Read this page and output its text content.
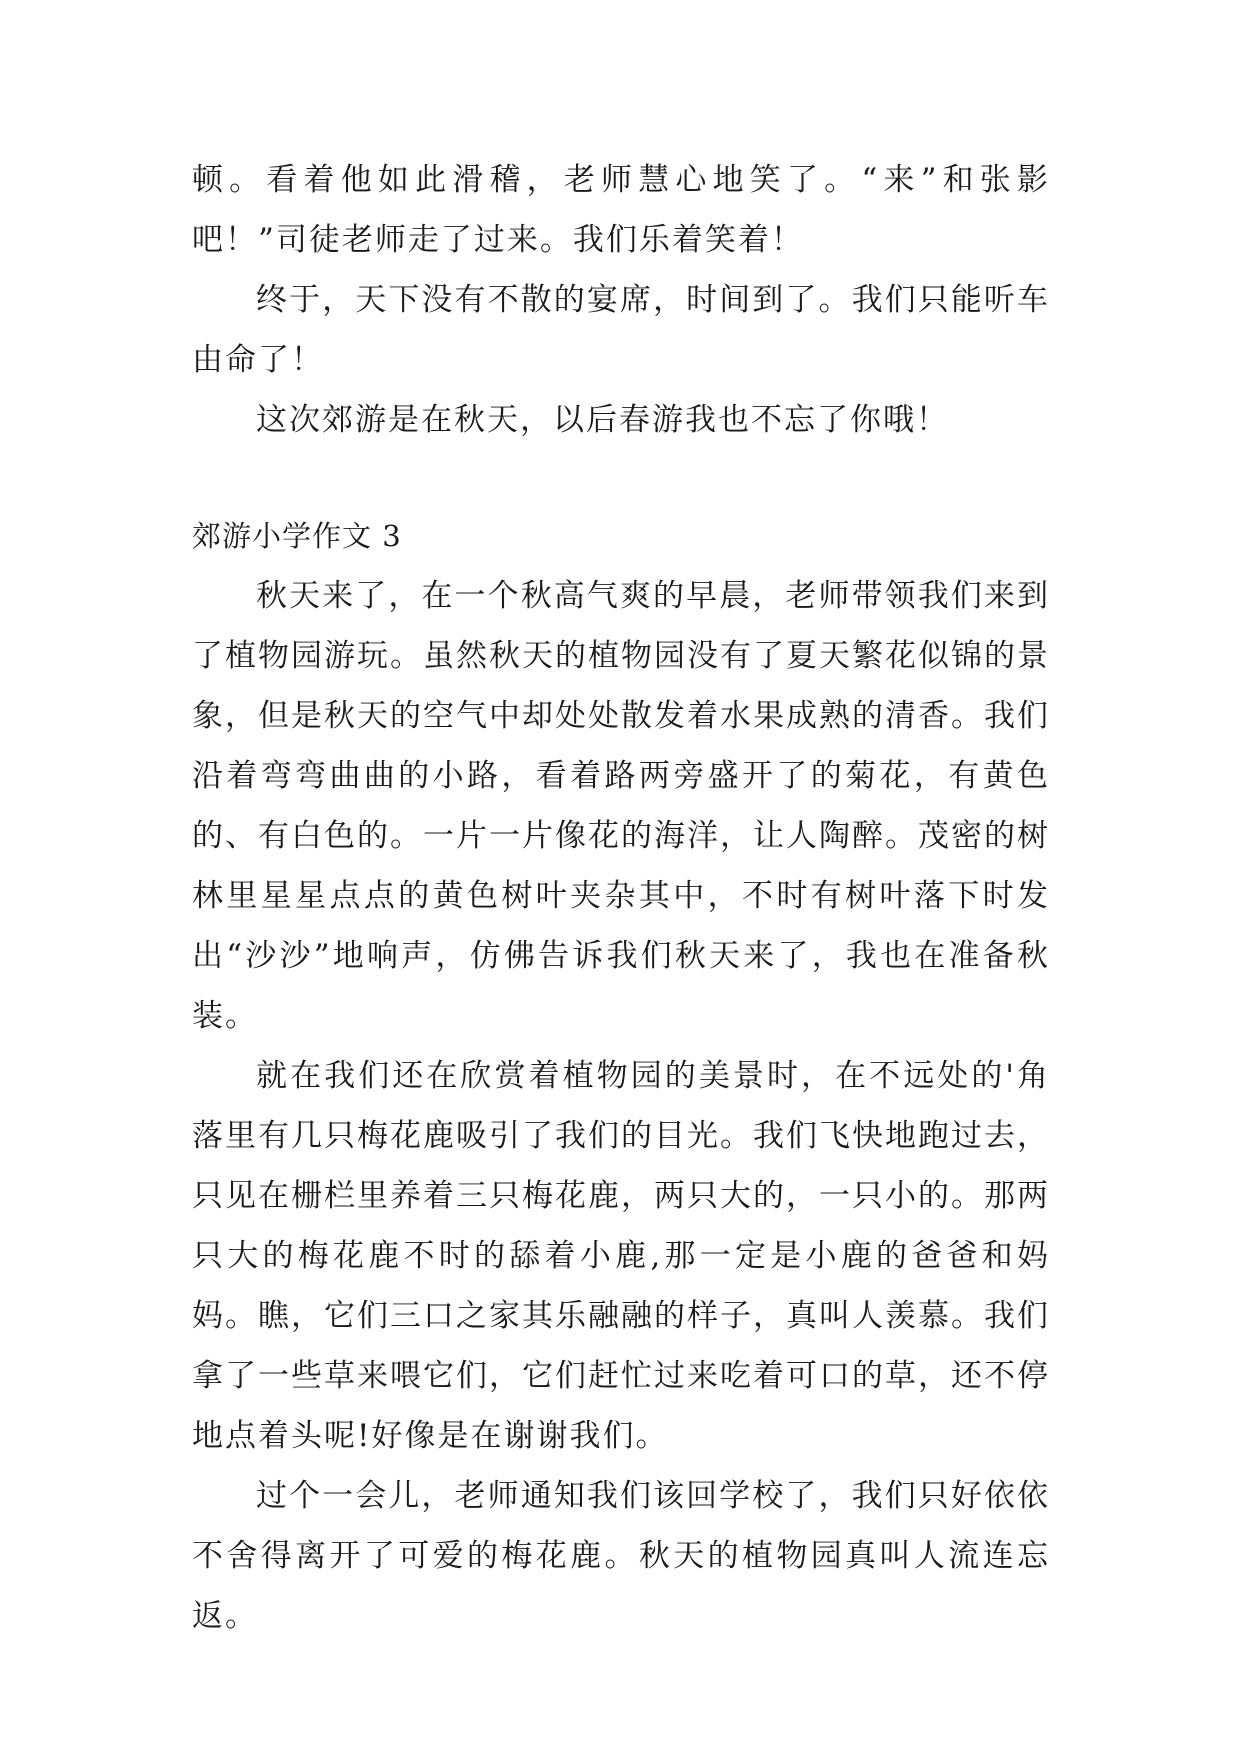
顿。看着他如此滑稽，老师慧心地笑了。“来”和张影吧！”司徒老师走了过来。我们乐着笑着！

终于，天下没有不散的宴席，时间到了。我们只能听车由命了！

这次郊游是在秋天，以后春游我也不忘了你哦！

郊游小学作文 3

秋天来了，在一个秋高气爽的早晨，老师带领我们来到了植物园游玩。虽然秋天的植物园没有了夏天繁花似锦的景象，但是秋天的空气中却处处散发着水果成熟的清香。我们沿着弯弯曲曲的小路，看着路两旁盛开了的菊花，有黄色的、有白色的。一片一片像花的海洋，让人陶醉。茂密的树林里星星点点的黄色树叶夹杂其中，不时有树叶落下时发出“沙沙”地响声，仿佛告诉我们秋天来了，我也在准备秋装。

就在我们还在欣赏着植物园的美景时，在不远处的'角落里有几只梅花鹿吸引了我们的目光。我们飞快地跑过去，只见在栅栏里养着三只梅花鹿，两只大的，一只小的。那两只大的梅花鹿不时的舔着小鹿,那一定是小鹿的爸爸和妈妈。瞧，它们三口之家其乐融融的样子，真叫人羡慕。我们拿了一些草来喂它们，它们赶忙过来吃着可口的草，还不停地点着头呢!好像是在谢谢我们。

过个一会儿，老师通知我们该回学校了，我们只好依依不舍得离开了可爱的梅花鹿。秋天的植物园真叫人流连忘返。
